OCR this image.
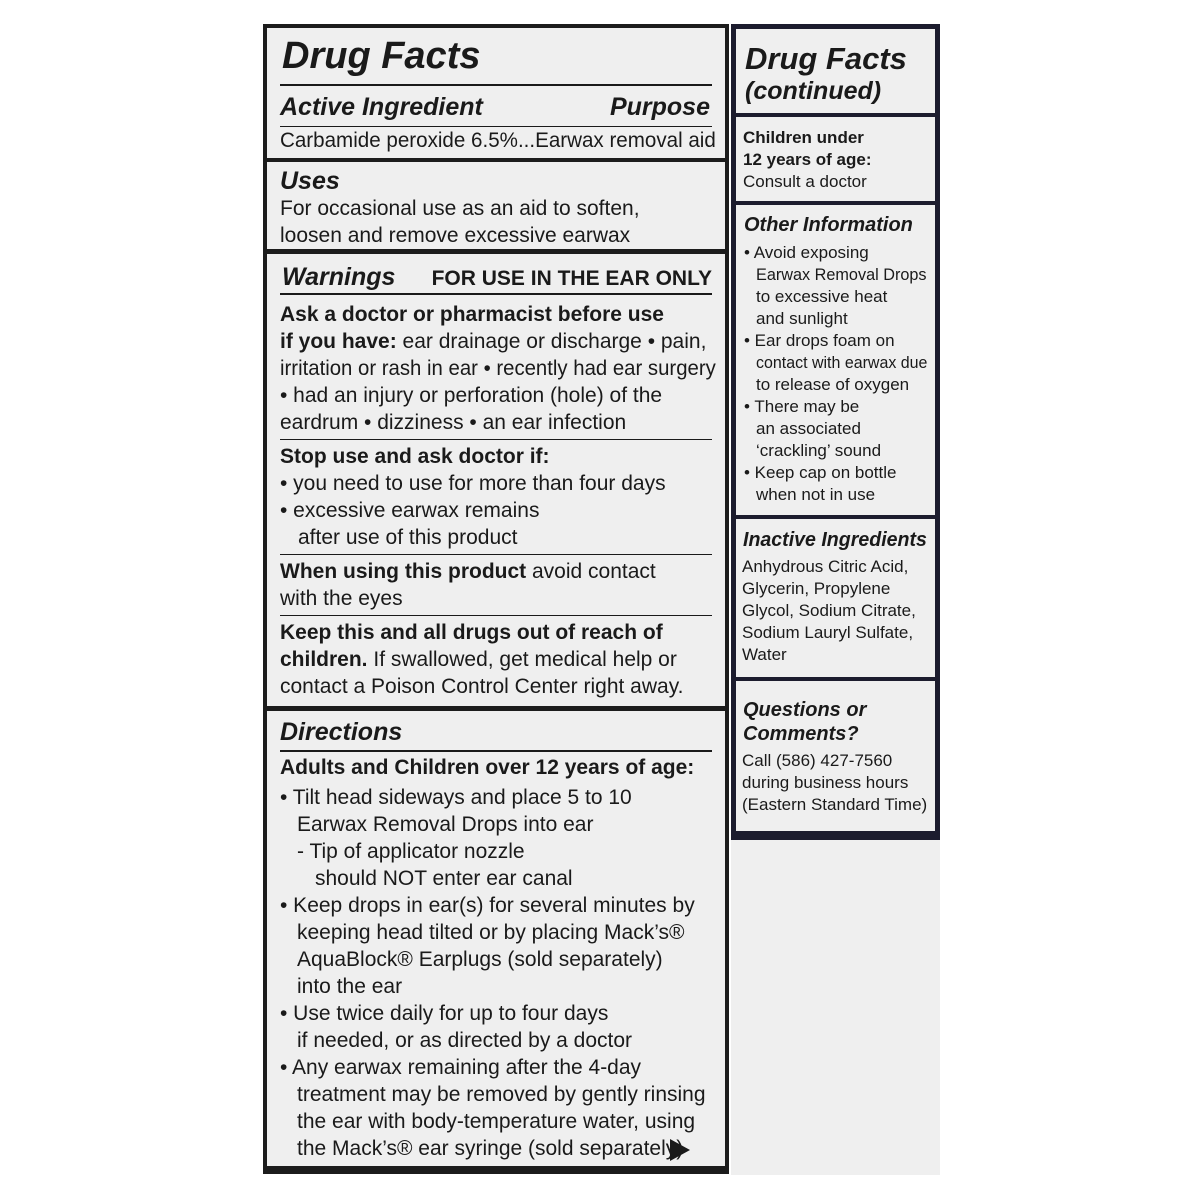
Drug Facts
Active Ingredient	Purpose
Carbamide peroxide 6.5%...Earwax removal aid
Uses
For occasional use as an aid to soften,
loosen and remove excessive earwax
Warnings FOR USE IN THE EAR ONLY
Ask a doctor or pharmacist before use
if you have: ear drainage or discharge • pain,
irritation or rash in ear • recently had ear surgery
• had an injury or perforation (hole) of the
eardrum • dizziness • an ear infection
Stop use and ask doctor if:
• you need to use for more than four days
• excessive earwax remains
after use of this product
When using this product avoid contact
with the eyes
Keep this and all drugs out of reach of
children. If swallowed, get medical help or
contact a Poison Control Center right away.
Directions
Adults and Children over 12 years of age:
• Tilt head sideways and place 5 to 10
Earwax Removal Drops into ear
- Tip of applicator nozzle
should NOT enter ear canal
• Keep drops in ear(s) for several minutes by
keeping head tilted or by placing Mack’s®
AquaBlock® Earplugs (sold separately)
into the ear
• Use twice daily for up to four days
if needed, or as directed by a doctor
• Any earwax remaining after the 4-day
treatment may be removed by gently rinsing
the ear with body-temperature water, using
the Mack’s® ear syringe (sold separately)
Drug Facts
(continued)
Children under
12 years of age:
Consult a doctor
Other Information
• Avoid exposing
Earwax Removal Drops
to excessive heat
and sunlight
• Ear drops foam on
contact with earwax due
to release of oxygen
• There may be
an associated
‘crackling’ sound
• Keep cap on bottle
when not in use
Inactive Ingredients
Anhydrous Citric Acid,
Glycerin, Propylene
Glycol, Sodium Citrate,
Sodium Lauryl Sulfate,
Water
Questions or
Comments?
Call (586) 427-7560
during business hours
(Eastern Standard Time)
